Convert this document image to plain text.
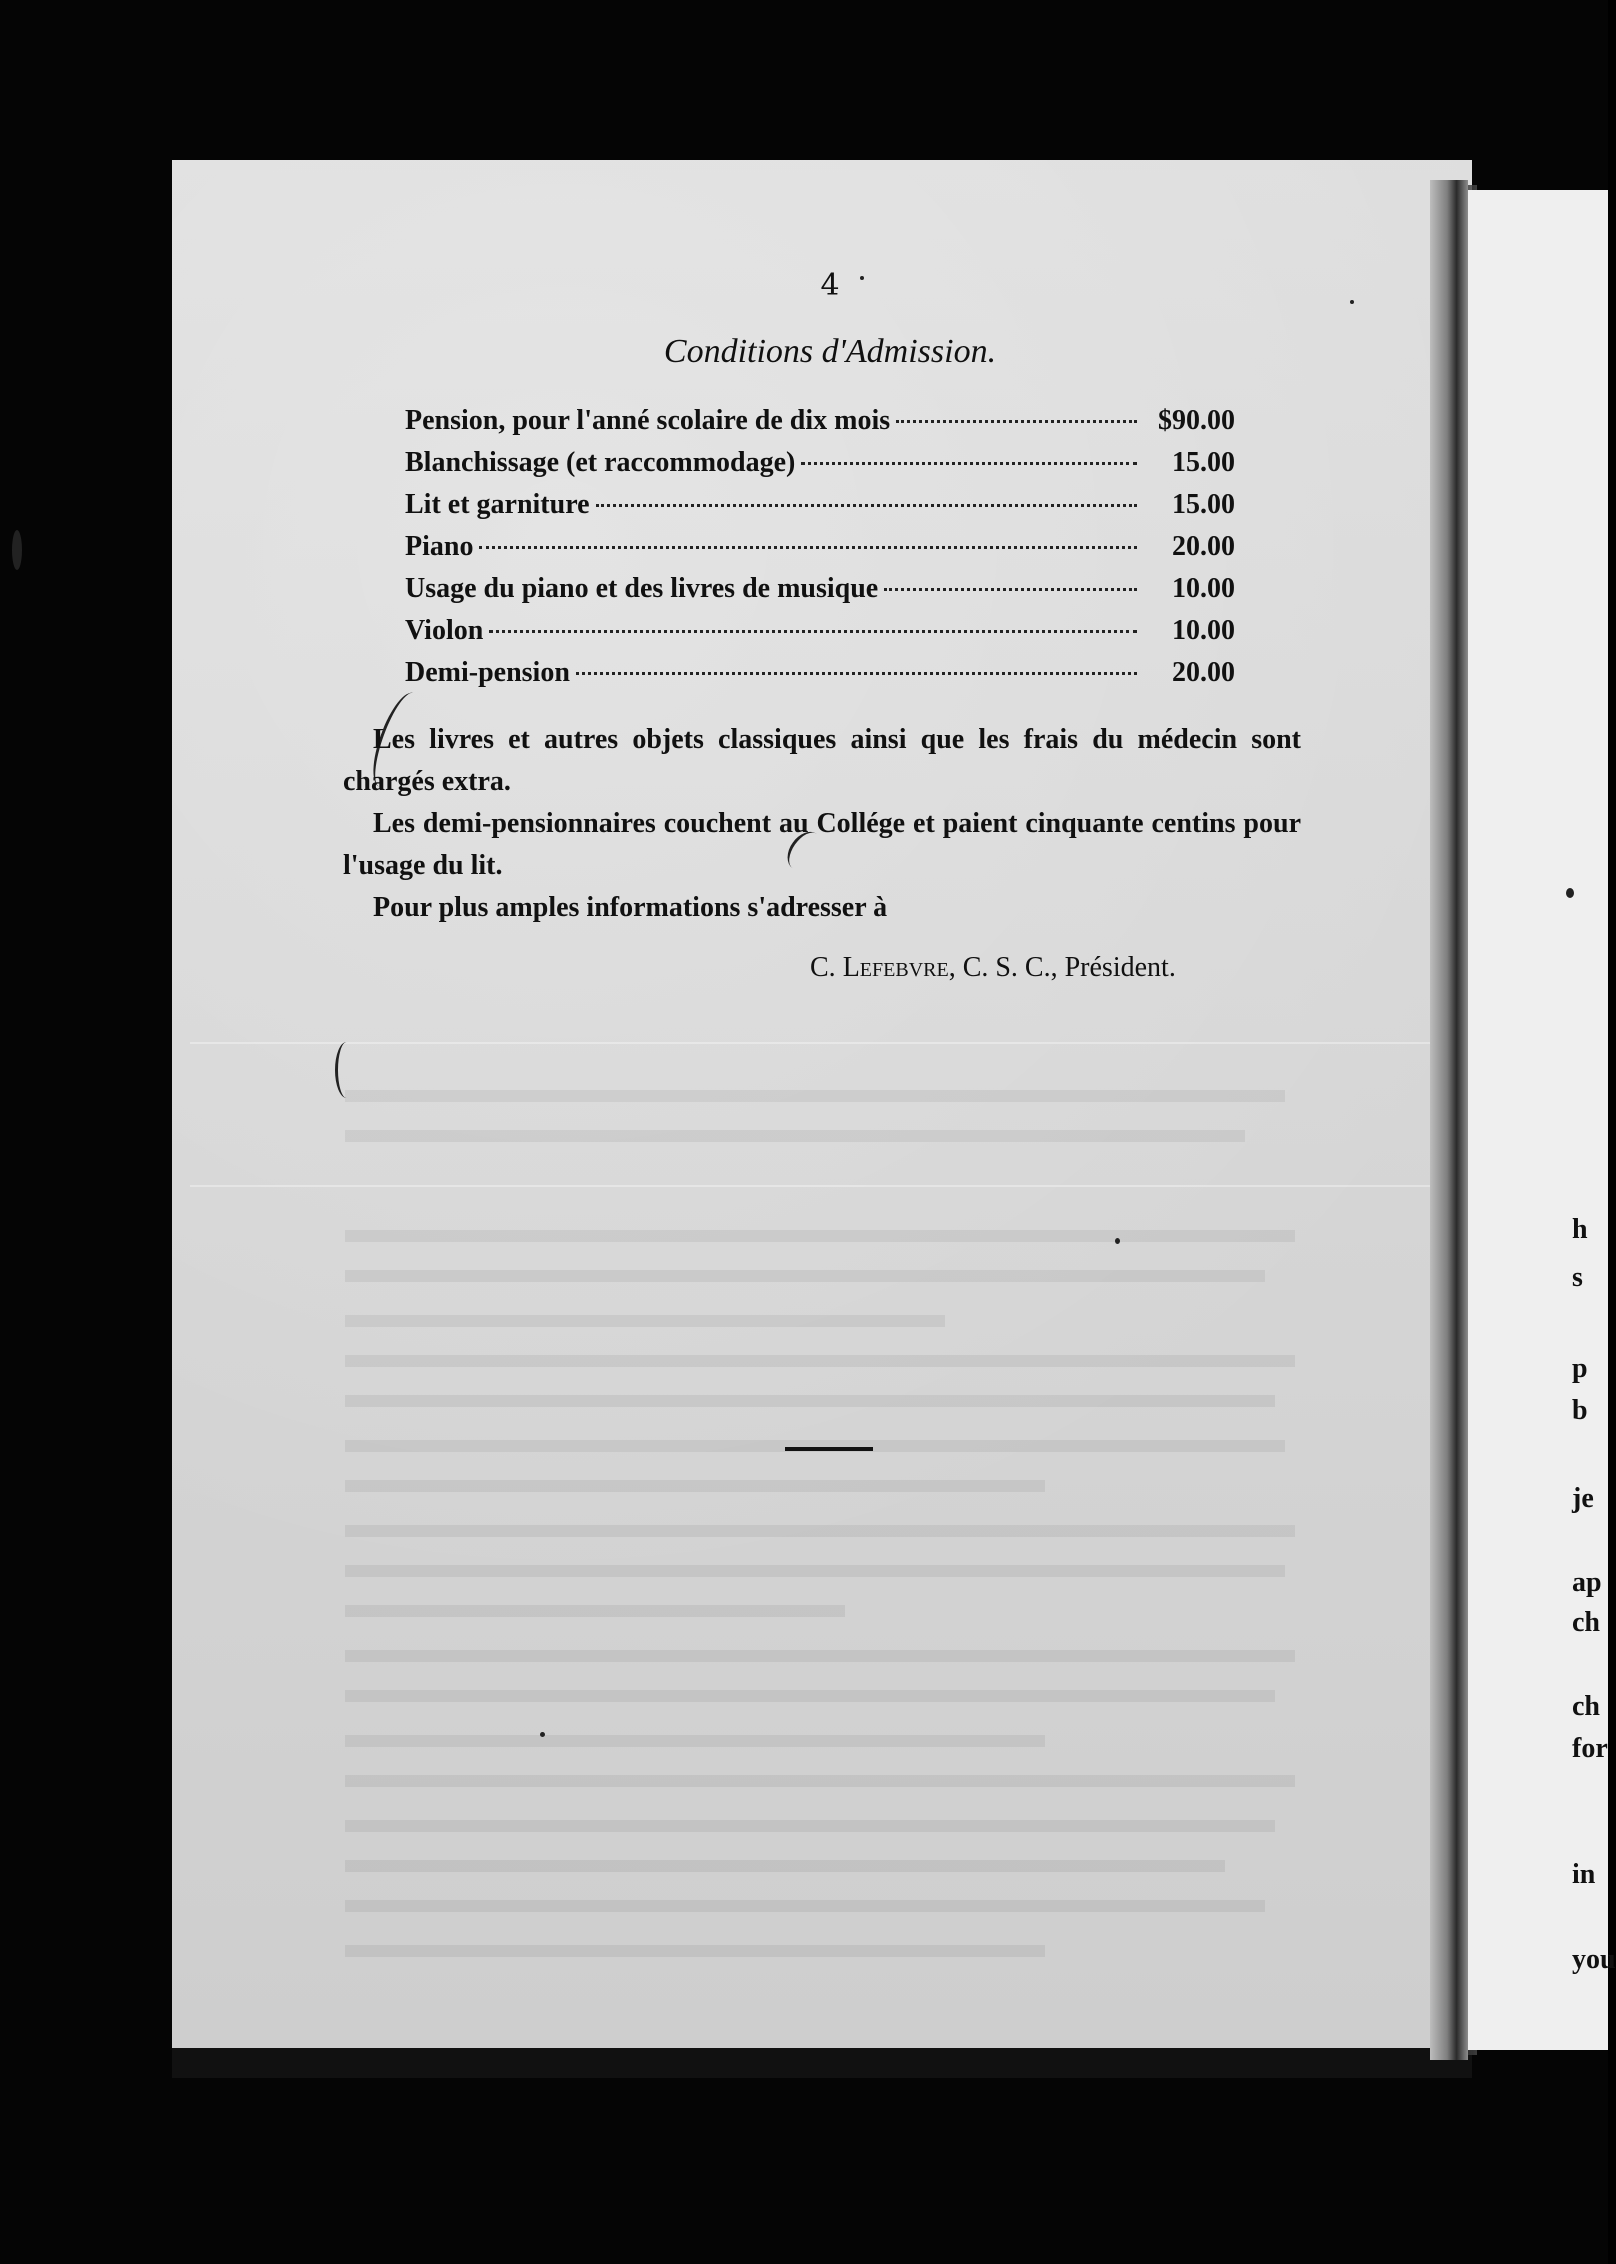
4
Conditions d'Admission.
Pension, pour l'anné scolaire de dix mois	$90.00
Blanchissage (et raccommodage)	15.00
Lit et garniture	15.00
Piano	20.00
Usage du piano et des livres de musique	10.00
Violon	10.00
Demi-pension	20.00
Les livres et autres objets classiques ainsi que les frais du médecin sont chargés extra.
Les demi-pensionnaires couchent au Collége et paient cinquante centins pour l'usage du lit.
Pour plus amples informations s'adresser à
C. Lefebvre, C. S. C., Président.
h
s
p
b
je
ap
ch
ch
for
in
you
